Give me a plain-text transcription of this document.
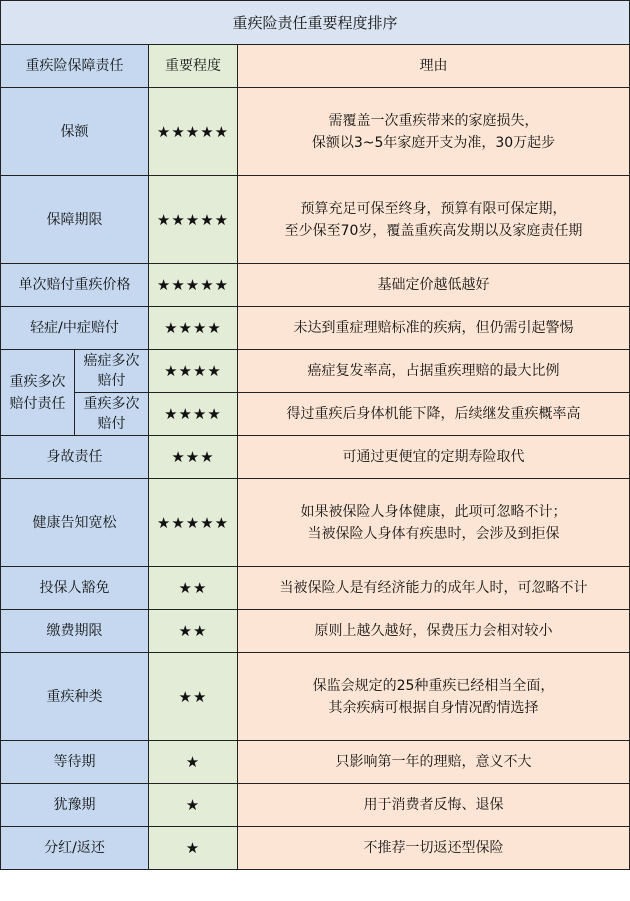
重疾险责任重要程度排序			
重疾险保障责任		重要程度	理由
保额		★★★★★	需覆盖一次重疾带来的家庭损失，
保额以3~5年家庭开支为准，30万起步

保障期限		★★★★★	预算充足可保至终身，预算有限可保定期，
至少保至70岁，覆盖重疾高发期以及家庭责任期

单次赔付重疾价格		★★★★★	基础定价越低越好
轻症/中症赔付		★★★★	未达到重症理赔标准的疾病，但仍需引起警惕
重疾多次赔付责任	癌症多次赔付	★★★★	癌症复发率高，占据重疾理赔的最大比例
	重疾多次赔付	★★★★	得过重疾后身体机能下降，后续继发重疾概率高
身故责任		★★★	可通过更便宜的定期寿险取代
健康告知宽松		★★★★★	如果被保险人身体健康，此项可忽略不计；
当被保险人身体有疾患时，会涉及到拒保

投保人豁免		★★	当被保险人是有经济能力的成年人时，可忽略不计
缴费期限		★★	原则上越久越好，保费压力会相对较小
重疾种类		★★	保监会规定的25种重疾已经相当全面，
其余疾病可根据自身情况酌情选择

等待期		★	只影响第一年的理赔，意义不大
犹豫期		★	用于消费者反悔、退保
分红/返还		★	不推荐一切返还型保险
